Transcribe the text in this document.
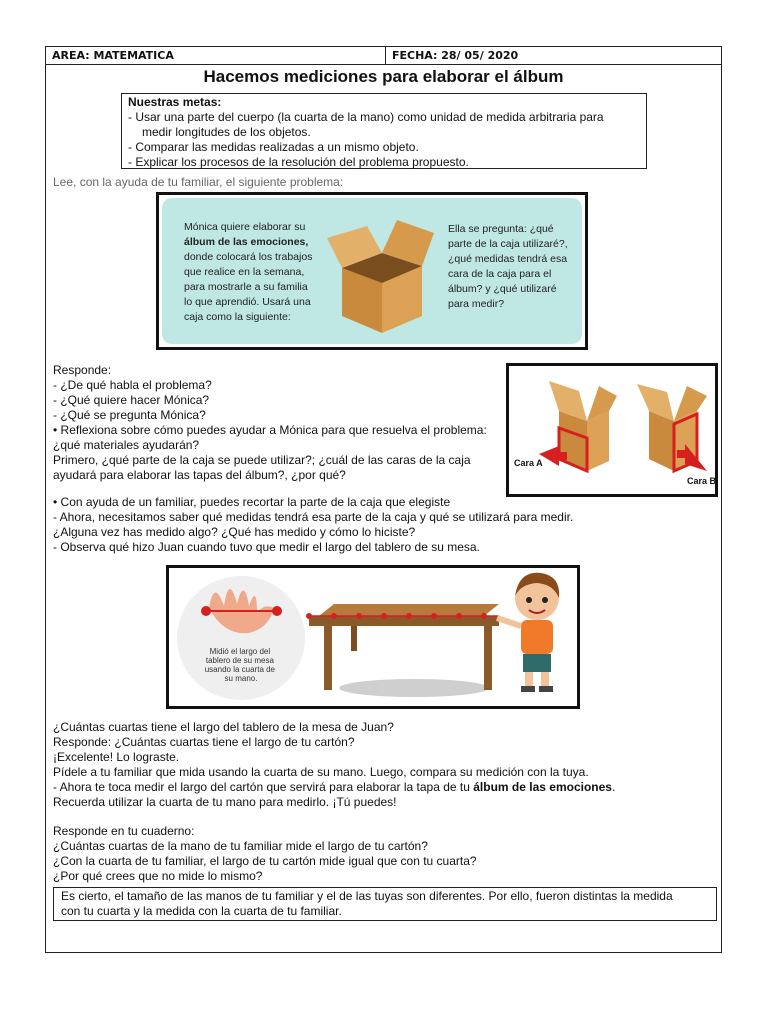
AREA: MATEMATICA	FECHA: 28/ 05/ 2020
Hacemos mediciones para elaborar el álbum

Nuestras metas:

- Usar una parte del cuerpo (la cuarta de la mano) como unidad de medida arbitraria para

medir longitudes de los objetos.

- Comparar las medidas realizadas a un mismo objeto.

- Explicar los procesos de la resolución del problema propuesto.

Lee, con la ayuda de tu familiar, el siguiente problema:
Mónica quiere elaborar su
álbum de las emociones,
donde colocará los trabajos
que realice en la semana,
para mostrarle a su familia
lo que aprendió. Usará una
caja como la siguiente:
Ella se pregunta: ¿qué
parte de la caja utilizaré?,
¿qué medidas tendrá esa
cara de la caja para el
álbum? y ¿qué utilizaré
para medir?

Responde:

- ¿De qué habla el problema?

- ¿Qué quiere hacer Mónica?

- ¿Qué se pregunta Mónica?

• Reflexiona sobre cómo puedes ayudar a Mónica para que resuelva el problema:

¿qué materiales ayudarán?

Primero, ¿qué parte de la caja se puede utilizar?; ¿cuál de las caras de la caja

ayudará para elaborar las tapas del álbum?, ¿por qué?

Cara A
Cara B

• Con ayuda de un familiar, puedes recortar la parte de la caja que elegiste

- Ahora, necesitamos saber qué medidas tendrá esa parte de la caja y qué se utilizará para medir.

¿Alguna vez has medido algo? ¿Qué has medido y cómo lo hiciste?

- Observa qué hizo Juan cuando tuvo que medir el largo del tablero de su mesa.

Midió el largo del tablero de su mesa usando la cuarta de su mano.

¿Cuántas cuartas tiene el largo del tablero de la mesa de Juan?

Responde: ¿Cuántas cuartas tiene el largo de tu cartón?

¡Excelente! Lo lograste.

Pídele a tu familiar que mida usando la cuarta de su mano. Luego, compara su medición con la tuya.

- Ahora te toca medir el largo del cartón que servirá para elaborar la tapa de tu álbum de las emociones.

Recuerda utilizar la cuarta de tu mano para medirlo. ¡Tú puedes!

Responde en tu cuaderno:

¿Cuántas cuartas de la mano de tu familiar mide el largo de tu cartón?

¿Con la cuarta de tu familiar, el largo de tu cartón mide igual que con tu cuarta?

¿Por qué crees que no mide lo mismo?

Es cierto, el tamaño de las manos de tu familiar y el de las tuyas son diferentes. Por ello, fueron distintas la medida

con tu cuarta y la medida con la cuarta de tu familiar.
